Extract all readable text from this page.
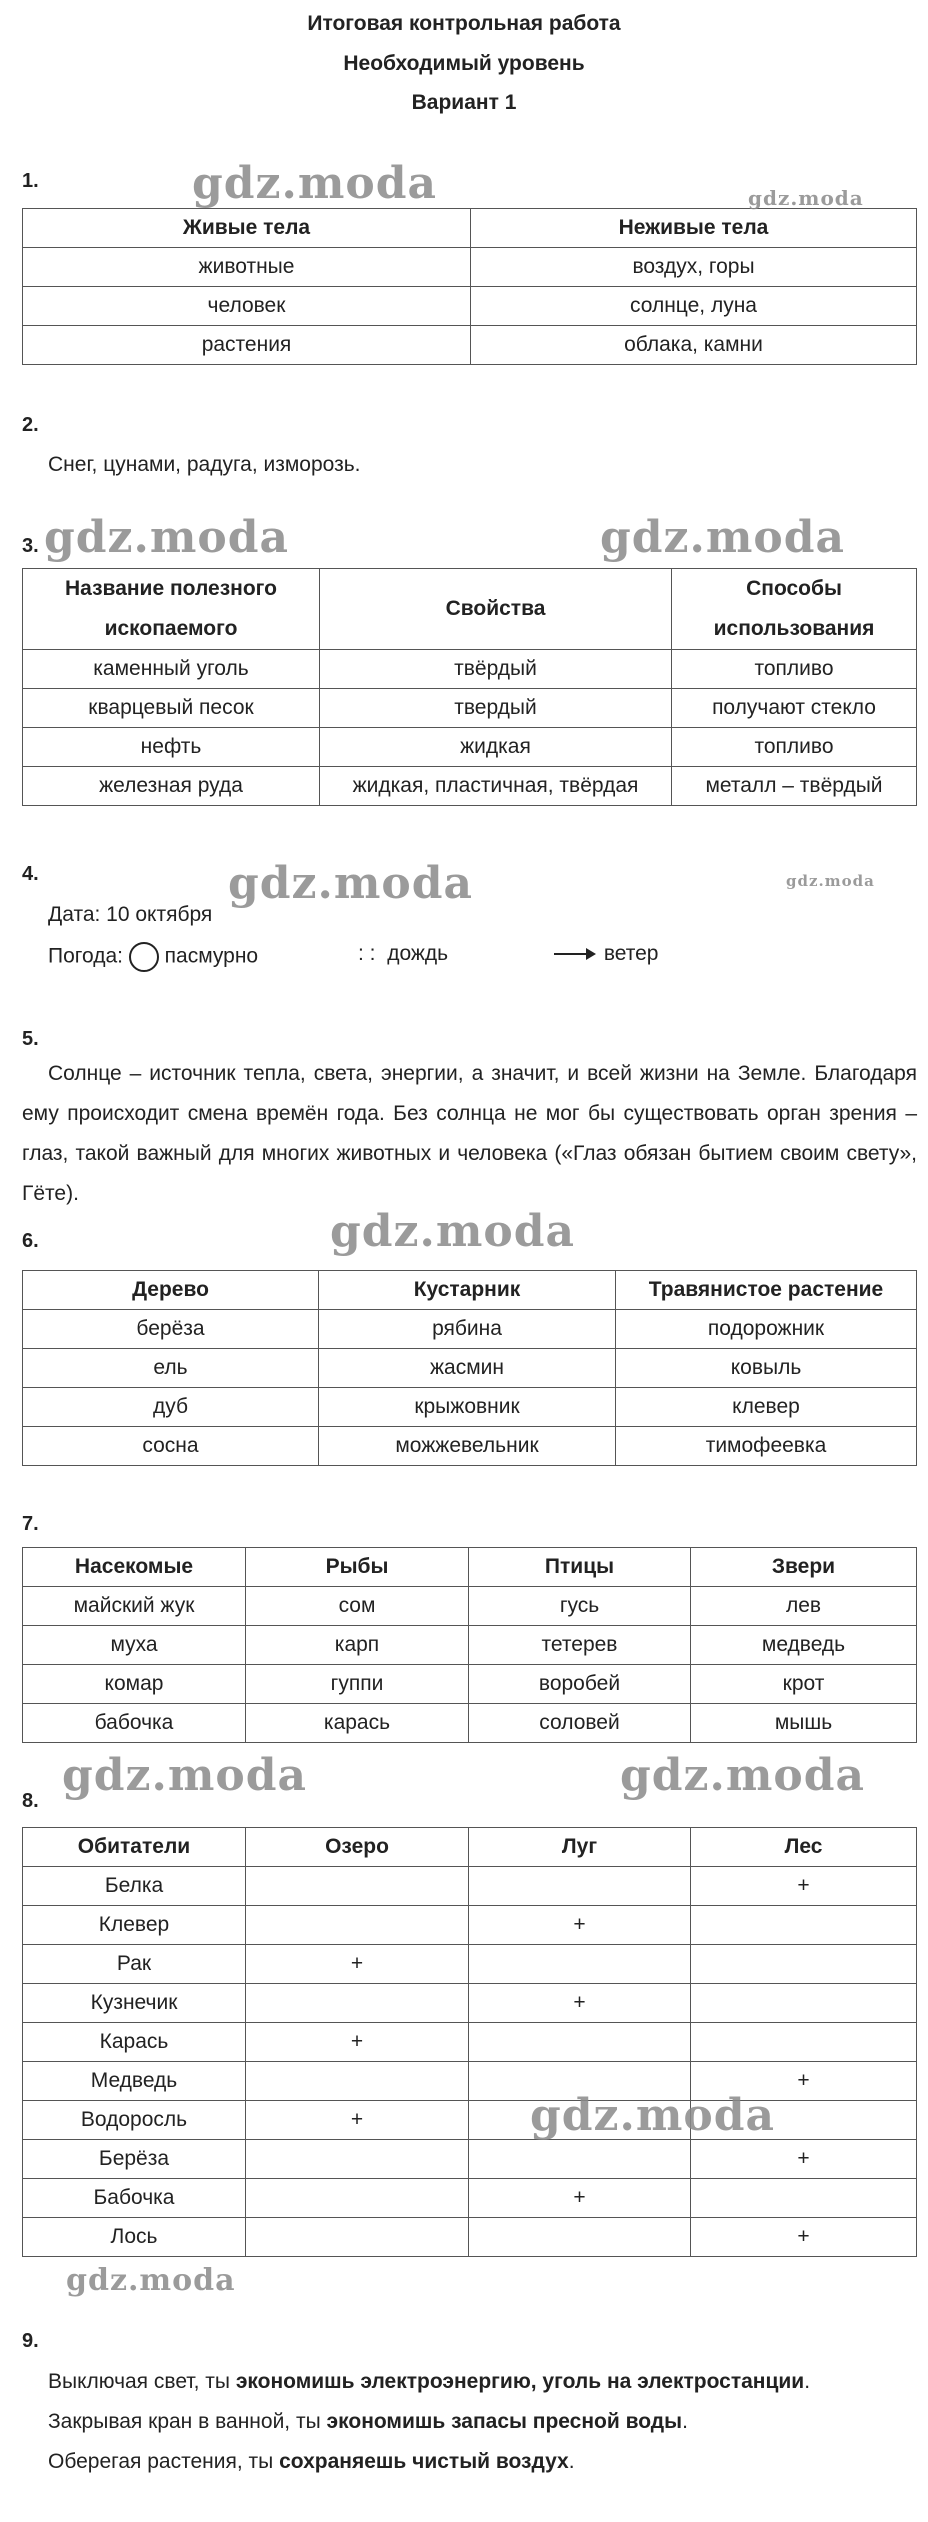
Итоговая контрольная работа
Необходимый уровень
Вариант 1
1.
Живые тела	Неживые тела
животные	воздух, горы
человек	солнце, луна
растения	облака, камни
2.
Снег, цунами, радуга, изморозь.
3.
Название полезного ископаемого	Свойства	Способы использования
каменный уголь	твёрдый	топливо
кварцевый песок	твердый	получают стекло
нефть	жидкая	топливо
железная руда	жидкая, пластичная, твёрдая	металл – твёрдый
4.
Дата: 10 октября
Погода: пасмурно	: : дождь	ветер
5.
Солнце – источник тепла, света, энергии, а значит, и всей жизни на Земле. Благодаря ему происходит смена времён года. Без солнца не мог бы существовать орган зрения – глаз, такой важный для многих животных и человека («Глаз обязан бытием своим свету», Гёте).
6.
Дерево	Кустарник	Травянистое растение
берёза	рябина	подорожник
ель	жасмин	ковыль
дуб	крыжовник	клевер
сосна	можжевельник	тимофеевка
7.
Насекомые	Рыбы	Птицы	Звери
майский жук	сом	гусь	лев
муха	карп	тетерев	медведь
комар	гуппи	воробей	крот
бабочка	карась	соловей	мышь
8.
Обитатели	Озеро	Луг	Лес
Белка			+
Клевер		+	
Рак	+		
Кузнечик		+	
Карась	+		
Медведь			+
Водоросль	+		
Берёза			+
Бабочка		+	
Лось			+
9.
Выключая свет, ты экономишь электроэнергию, уголь на электростанции.
Закрывая кран в ванной, ты экономишь запасы пресной воды.
Оберегая растения, ты сохраняешь чистый воздух.
gdz.moda	gdz.moda
gdz.moda	gdz.moda
gdz.moda	gdz.moda
gdz.moda
gdz.moda	gdz.moda
gdz.moda
gdz.moda
